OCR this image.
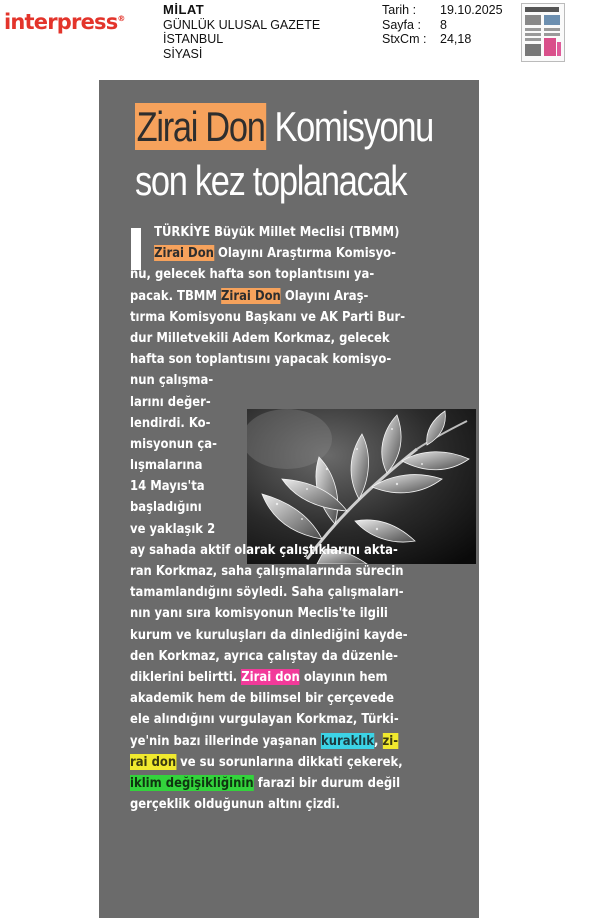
interpress®
MİLAT
GÜNLÜK ULUSAL GAZETE
İSTANBUL
SİYASİ
Tarih :	19.10.2025
Sayfa :	8
StxCm :	24,18
Zirai Don Komisyonu
son kez toplanacak
TÜRKİYE Büyük Millet Meclisi (TBMM)
Zirai Don Olayını Araştırma Komisyo-
nu, gelecek hafta son toplantısını ya-
pacak. TBMM Zirai Don Olayını Araş-
tırma Komisyonu Başkanı ve AK Parti Bur-
dur Milletvekili Adem Korkmaz, gelecek
hafta son toplantısını yapacak komisyo-
nun çalışma-
larını değer-
lendirdi. Ko-
misyonun ça-
lışmalarına
14 Mayıs'ta
başladığını
ve yaklaşık 2
ay sahada aktif olarak çalıştıklarını akta-
ran Korkmaz, saha çalışmalarında sürecin
tamamlandığını söyledi. Saha çalışmaları-
nın yanı sıra komisyonun Meclis'te ilgili
kurum ve kuruluşları da dinlediğini kayde-
den Korkmaz, ayrıca çalıştay da düzenle-
diklerini belirtti. Zirai don olayının hem
akademik hem de bilimsel bir çerçevede
ele alındığını vurgulayan Korkmaz, Türki-
ye'nin bazı illerinde yaşanan kuraklık, zi-
rai don ve su sorunlarına dikkati çekerek,
iklim değişikliğinin farazi bir durum değil
gerçeklik olduğunun altını çizdi.
